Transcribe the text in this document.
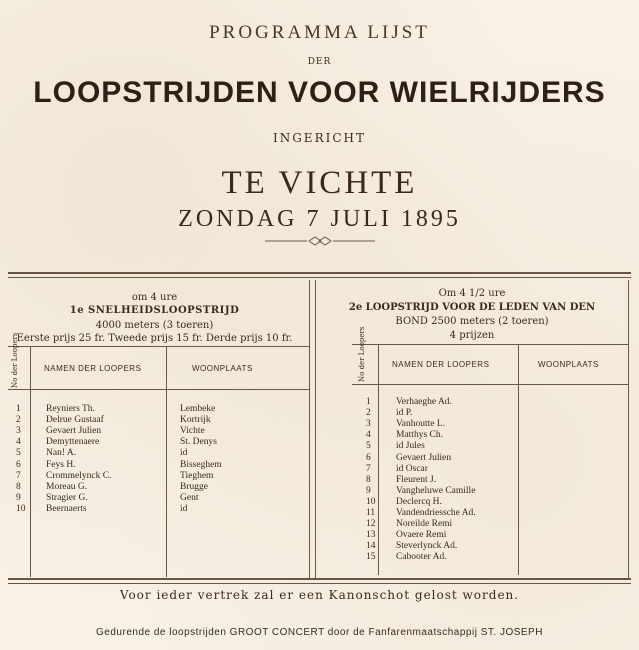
PROGRAMMA LIJST
DER
LOOPSTRIJDEN VOOR WIELRIJDERS
INGERICHT
TE VICHTE
ZONDAG 7 JULI 1895
om 4 ure
1e SNELHEIDSLOOPSTRIJD
4000 meters (3 toeren)
Eerste prijs 25 fr. Tweede prijs 15 fr. Derde prijs 10 fr.
No der Loopers	NAMEN DER LOOPERS	WOONPLAATS
1	Reyniers Th.	Lembeke
2	Delrue Gustaaf	Kortrijk
3	Gevaert Julien	Vichte
4	Demyttenaere	St. Denys
5	Nan! A.	id
6	Feys H.	Bisseghem
7	Crommelynck C.	Tieghem
8	Moreau G.	Brugge
9	Stragier G.	Gent
10 Beernaerts	id
Om 4 1/2 ure
2e LOOPSTRIJD VOOR DE LEDEN VAN DEN
BOND 2500 meters (2 toeren)
4 prijzen
No der Loopers	NAMEN DER LOOPERS	WOONPLAATS
1	Verhaeghe Ad.
2	id P.
3	Vanhoutte L.
4	Matthys Ch.
5	id Jules
6	Gevaert Julien
7	id Oscar
8	Fleurent J.
9	Vangheluwe Camille
10 Declercq H.
11 Vandendriessche Ad.
12 Noreilde Remi
13 Ovaere Remi
14 Steverlynck Ad.
15 Cabooter Ad.
Voor ieder vertrek zal er een Kanonschot gelost worden.
Gedurende de loopstrijden GROOT CONCERT door de Fanfarenmaatschappij ST. JOSEPH
